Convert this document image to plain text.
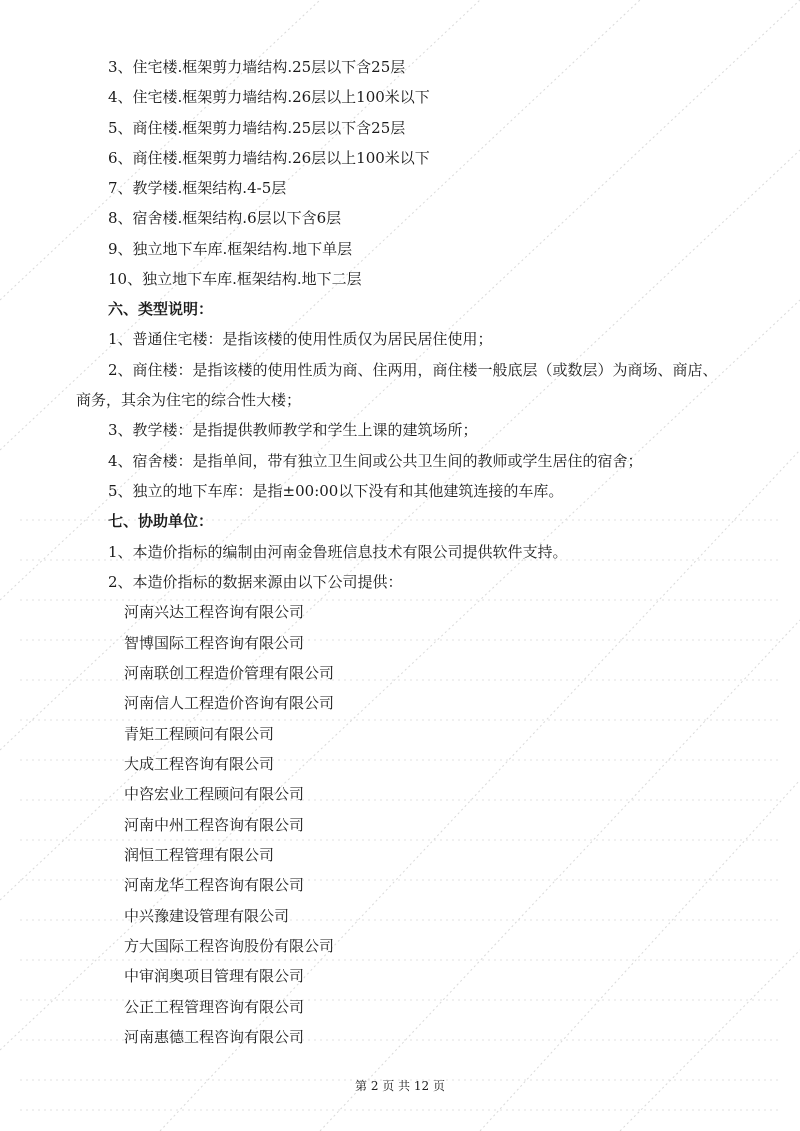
3、住宅楼.框架剪力墙结构.25层以下含25层
4、住宅楼.框架剪力墙结构.26层以上100米以下
5、商住楼.框架剪力墙结构.25层以下含25层
6、商住楼.框架剪力墙结构.26层以上100米以下
7、教学楼.框架结构.4-5层
8、宿舍楼.框架结构.6层以下含6层
9、独立地下车库.框架结构.地下单层
10、独立地下车库.框架结构.地下二层
六、类型说明：
1、普通住宅楼：是指该楼的使用性质仅为居民居住使用；
2、商住楼：是指该楼的使用性质为商、住两用，商住楼一般底层（或数层）为商场、商店、
商务，其余为住宅的综合性大楼；
3、教学楼：是指提供教师教学和学生上课的建筑场所；
4、宿舍楼：是指单间，带有独立卫生间或公共卫生间的教师或学生居住的宿舍；
5、独立的地下车库：是指±00:00以下没有和其他建筑连接的车库。
七、协助单位：
1、本造价指标的编制由河南金鲁班信息技术有限公司提供软件支持。
2、本造价指标的数据来源由以下公司提供：
河南兴达工程咨询有限公司
智博国际工程咨询有限公司
河南联创工程造价管理有限公司
河南信人工程造价咨询有限公司
青矩工程顾问有限公司
大成工程咨询有限公司
中咨宏业工程顾问有限公司
河南中州工程咨询有限公司
润恒工程管理有限公司
河南龙华工程咨询有限公司
中兴豫建设管理有限公司
方大国际工程咨询股份有限公司
中审润奥项目管理有限公司
公正工程管理咨询有限公司
河南惠德工程咨询有限公司
第 2 页 共 12 页
